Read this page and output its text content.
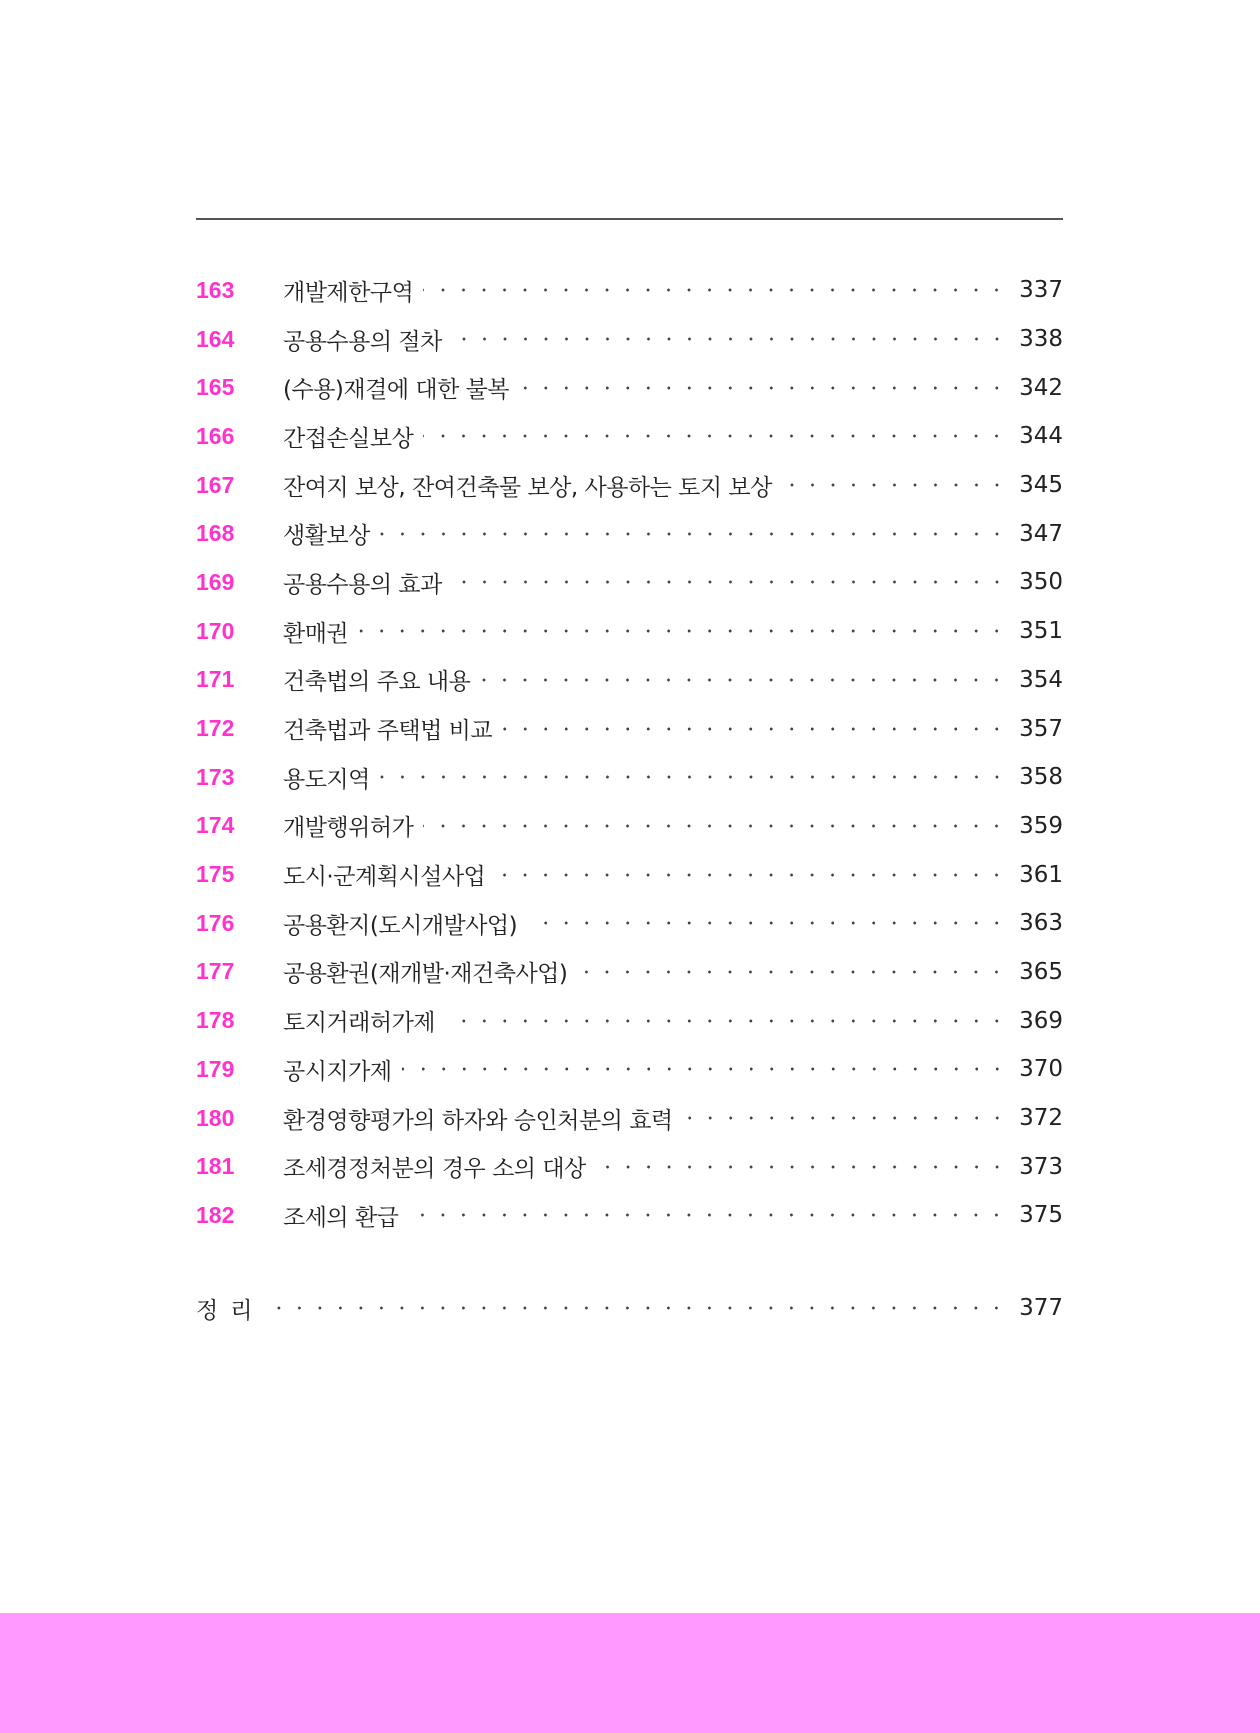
163	개발제한구역	337
164	공용수용의 절차	338
165	(수용)재결에 대한 불복	342
166	간접손실보상	344
167	잔여지 보상, 잔여건축물 보상, 사용하는 토지 보상	345
168	생활보상	347
169	공용수용의 효과	350
170	환매권	351
171	건축법의 주요 내용	354
172	건축법과 주택법 비교	357
173	용도지역	358
174	개발행위허가	359
175	도시·군계획시설사업	361
176	공용환지(도시개발사업)	363
177	공용환권(재개발·재건축사업)	365
178	토지거래허가제	369
179	공시지가제	370
180	환경영향평가의 하자와 승인처분의 효력	372
181	조세경정처분의 경우 소의 대상	373
182	조세의 환급	375
정리	377
